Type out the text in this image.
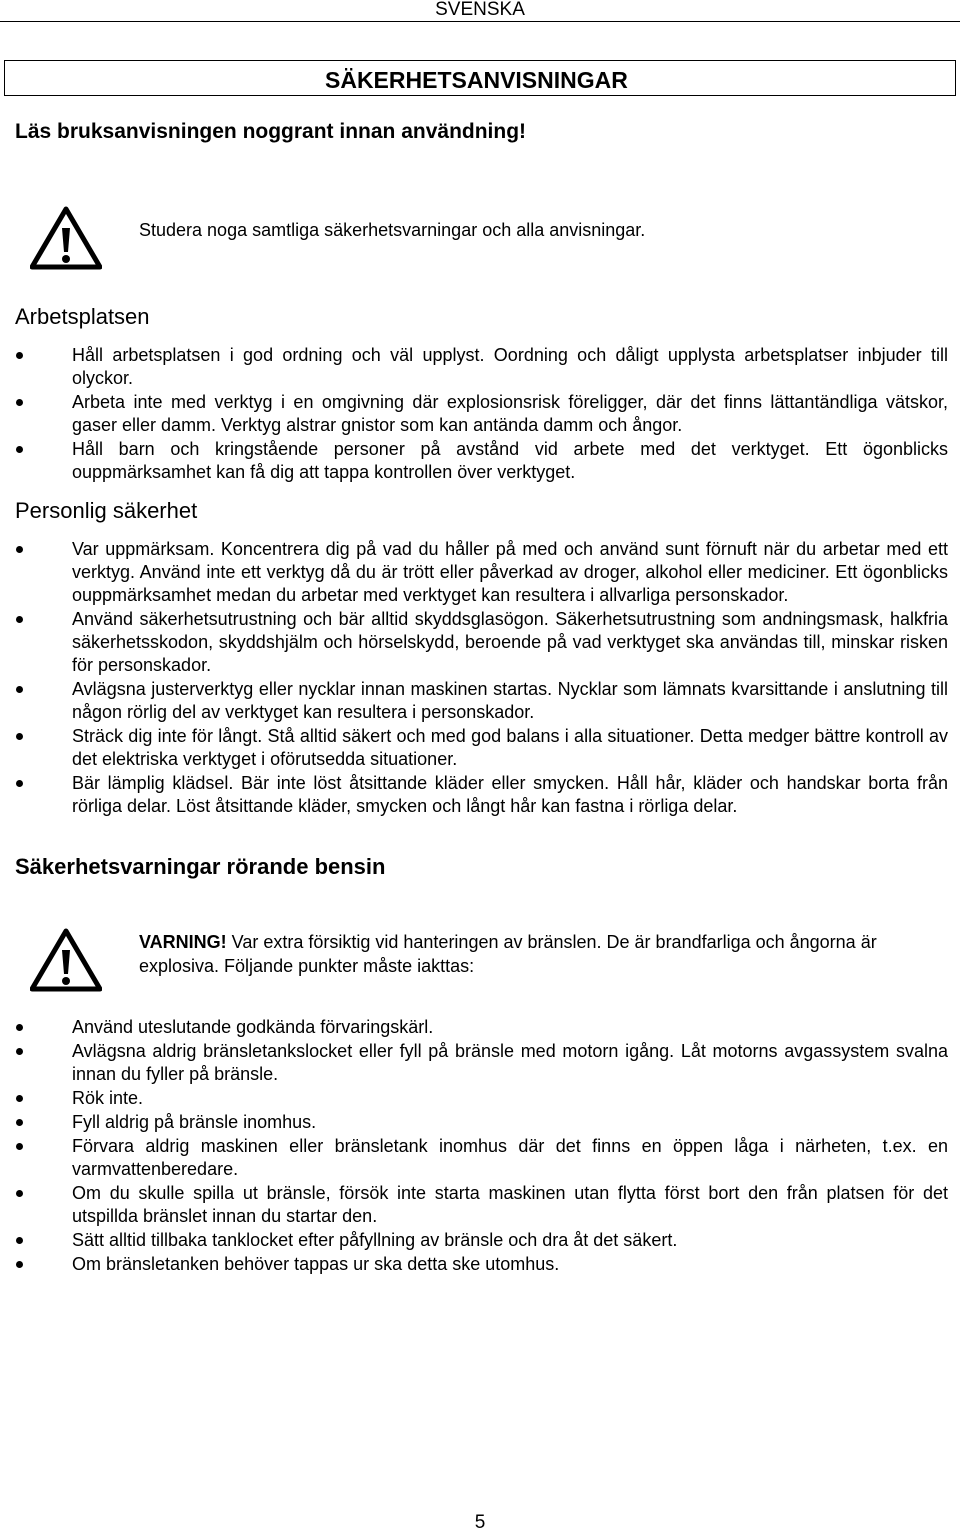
SVENSKA
SÄKERHETSANVISNINGAR
Läs bruksanvisningen noggrant innan användning!
Studera noga samtliga säkerhetsvarningar och alla anvisningar.
Arbetsplatsen
Håll arbetsplatsen i god ordning och väl upplyst. Oordning och dåligt upplysta arbetsplatser inbjuder till olyckor.
Arbeta inte med verktyg i en omgivning där explosionsrisk föreligger, där det finns lättantändliga vätskor, gaser eller damm. Verktyg alstrar gnistor som kan antända damm och ångor.
Håll barn och kringstående personer på avstånd vid arbete med det verktyget. Ett ögonblicks ouppmärksamhet kan få dig att tappa kontrollen över verktyget.
Personlig säkerhet
Var uppmärksam. Koncentrera dig på vad du håller på med och använd sunt förnuft när du arbetar med ett verktyg. Använd inte ett verktyg då du är trött eller påverkad av droger, alkohol eller mediciner. Ett ögonblicks ouppmärksamhet medan du arbetar med verktyget kan resultera i allvarliga personskador.
Använd säkerhetsutrustning och bär alltid skyddsglasögon. Säkerhetsutrustning som andningsmask, halkfria säkerhetsskodon, skyddshjälm och hörselskydd, beroende på vad verktyget ska användas till, minskar risken för personskador.
Avlägsna justerverktyg eller nycklar innan maskinen startas. Nycklar som lämnats kvarsittande i anslutning till någon rörlig del av verktyget kan resultera i personskador.
Sträck dig inte för långt. Stå alltid säkert och med god balans i alla situationer. Detta medger bättre kontroll av det elektriska verktyget i oförutsedda situationer.
Bär lämplig klädsel. Bär inte löst åtsittande kläder eller smycken. Håll hår, kläder och handskar borta från rörliga delar. Löst åtsittande kläder, smycken och långt hår kan fastna i rörliga delar.
Säkerhetsvarningar rörande bensin
VARNING! Var extra försiktig vid hanteringen av bränslen. De är brandfarliga och ångorna är explosiva. Följande punkter måste iakttas:
Använd uteslutande godkända förvaringskärl.
Avlägsna aldrig bränsletankslocket eller fyll på bränsle med motorn igång. Låt motorns avgassystem svalna innan du fyller på bränsle.
Rök inte.
Fyll aldrig på bränsle inomhus.
Förvara aldrig maskinen eller bränsletank inomhus där det finns en öppen låga i närheten, t.ex. en varmvattenberedare.
Om du skulle spilla ut bränsle, försök inte starta maskinen utan flytta först bort den från platsen för det utspillda bränslet innan du startar den.
Sätt alltid tillbaka tanklocket efter påfyllning av bränsle och dra åt det säkert.
Om bränsletanken behöver tappas ur ska detta ske utomhus.
5
